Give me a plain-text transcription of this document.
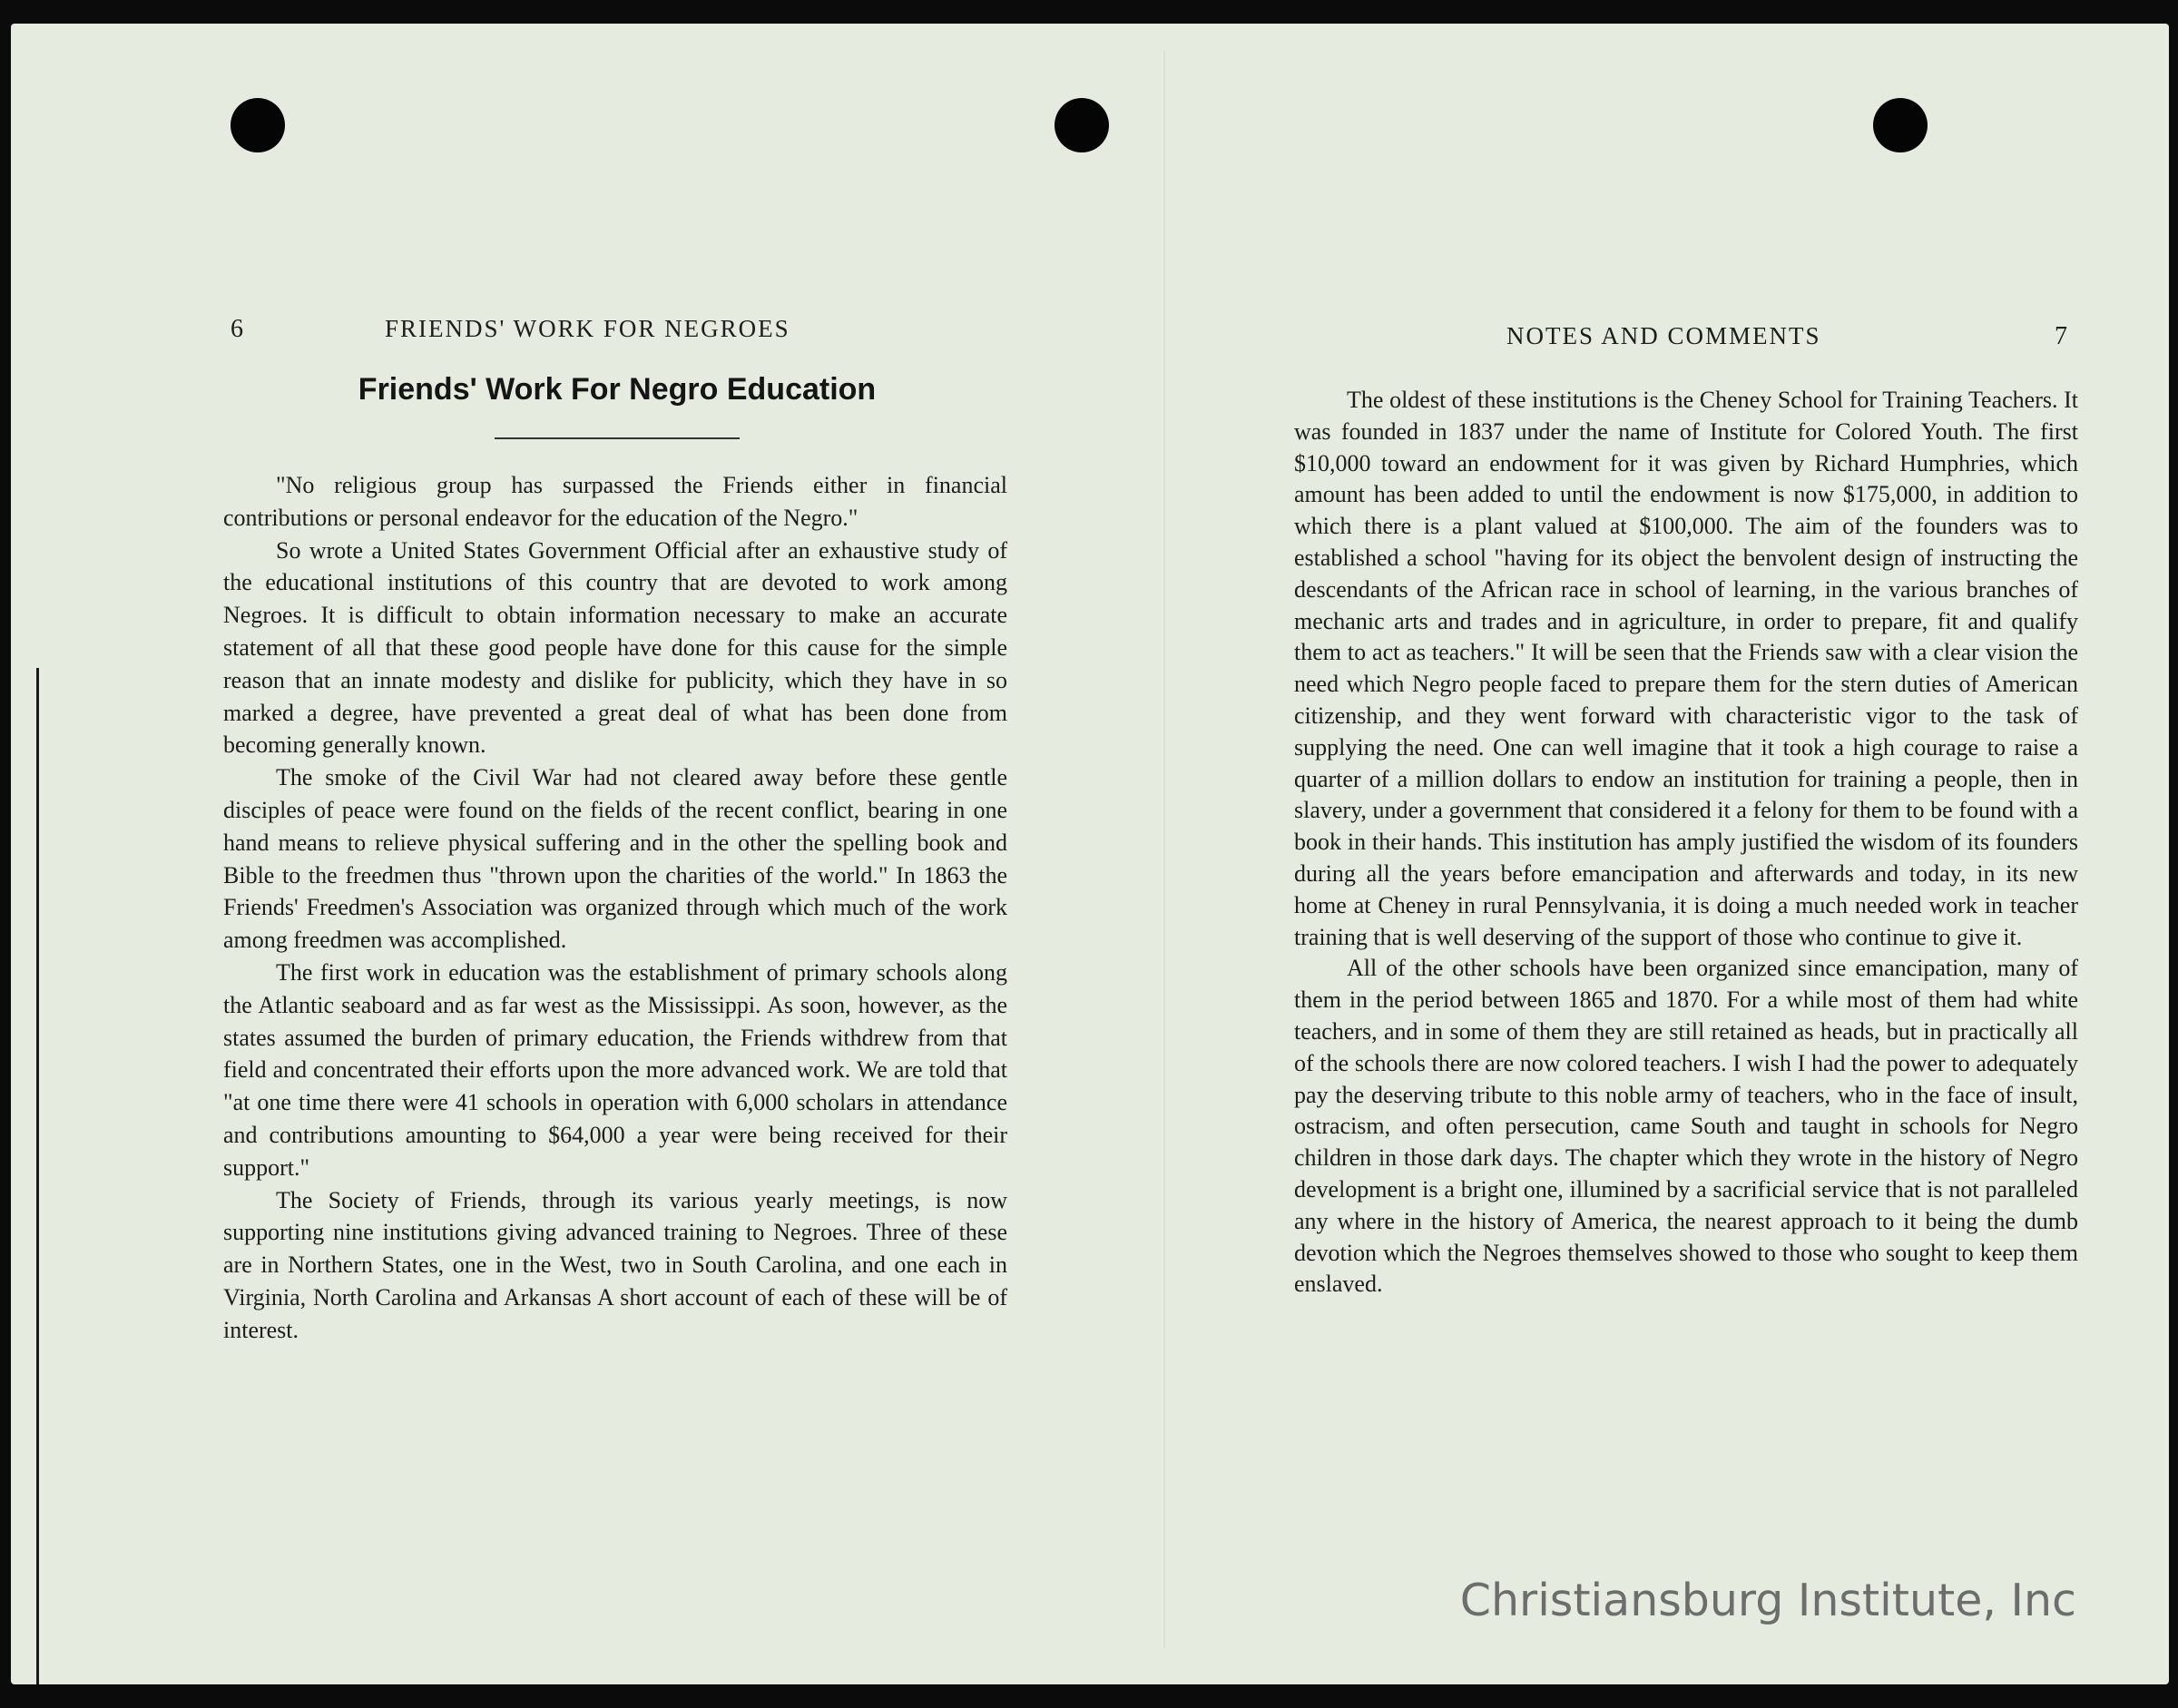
6	FRIENDS' WORK FOR NEGROES
Friends' Work For Negro Education

"No religious group has surpassed the Friends either in financial contributions or personal endeavor for the education of the Negro."

So wrote a United States Government Official after an exhaustive study of the educational institutions of this country that are devoted to work among Negroes. It is difficult to obtain information necessary to make an accurate statement of all that these good people have done for this cause for the simple reason that an innate modesty and dislike for publicity, which they have in so marked a degree, have prevented a great deal of what has been done from becoming generally known.

The smoke of the Civil War had not cleared away before these gentle disciples of peace were found on the fields of the recent conflict, bearing in one hand means to relieve physical suffering and in the other the spelling book and Bible to the freedmen thus "thrown upon the charities of the world." In 1863 the Friends' Freedmen's Association was organized through which much of the work among freedmen was accomplished.

The first work in education was the establishment of primary schools along the Atlantic seaboard and as far west as the Mississippi. As soon, however, as the states assumed the burden of primary education, the Friends withdrew from that field and concentrated their efforts upon the more advanced work. We are told that "at one time there were 41 schools in operation with 6,000 scholars in attendance and contributions amounting to $64,000 a year were being received for their support."

The Society of Friends, through its various yearly meetings, is now supporting nine institutions giving advanced training to Negroes. Three of these are in Northern States, one in the West, two in South Carolina, and one each in Virginia, North Carolina and Arkansas A short account of each of these will be of interest.

NOTES AND COMMENTS	7

The oldest of these institutions is the Cheney School for Training Teachers. It was founded in 1837 under the name of Institute for Colored Youth. The first $10,000 toward an endowment for it was given by Richard Humphries, which amount has been added to until the endowment is now $175,000, in addition to which there is a plant valued at $100,000. The aim of the founders was to established a school "having for its object the benvolent design of instructing the descendants of the African race in school of learning, in the various branches of mechanic arts and trades and in agriculture, in order to prepare, fit and qualify them to act as teachers." It will be seen that the Friends saw with a clear vision the need which Negro people faced to prepare them for the stern duties of American citizenship, and they went forward with characteristic vigor to the task of supplying the need. One can well imagine that it took a high courage to raise a quarter of a million dollars to endow an institution for training a people, then in slavery, under a government that considered it a felony for them to be found with a book in their hands. This institution has amply justified the wisdom of its founders during all the years before emancipation and afterwards and today, in its new home at Cheney in rural Pennsylvania, it is doing a much needed work in teacher training that is well deserving of the support of those who continue to give it.

All of the other schools have been organized since emancipation, many of them in the period between 1865 and 1870. For a while most of them had white teachers, and in some of them they are still retained as heads, but in practically all of the schools there are now colored teachers. I wish I had the power to adequately pay the deserving tribute to this noble army of teachers, who in the face of insult, ostracism, and often persecution, came South and taught in schools for Negro children in those dark days. The chapter which they wrote in the history of Negro development is a bright one, illumined by a sacrificial service that is not paralleled any where in the history of America, the nearest approach to it being the dumb devotion which the Negroes themselves showed to those who sought to keep them enslaved.

Christiansburg Institute, Inc
